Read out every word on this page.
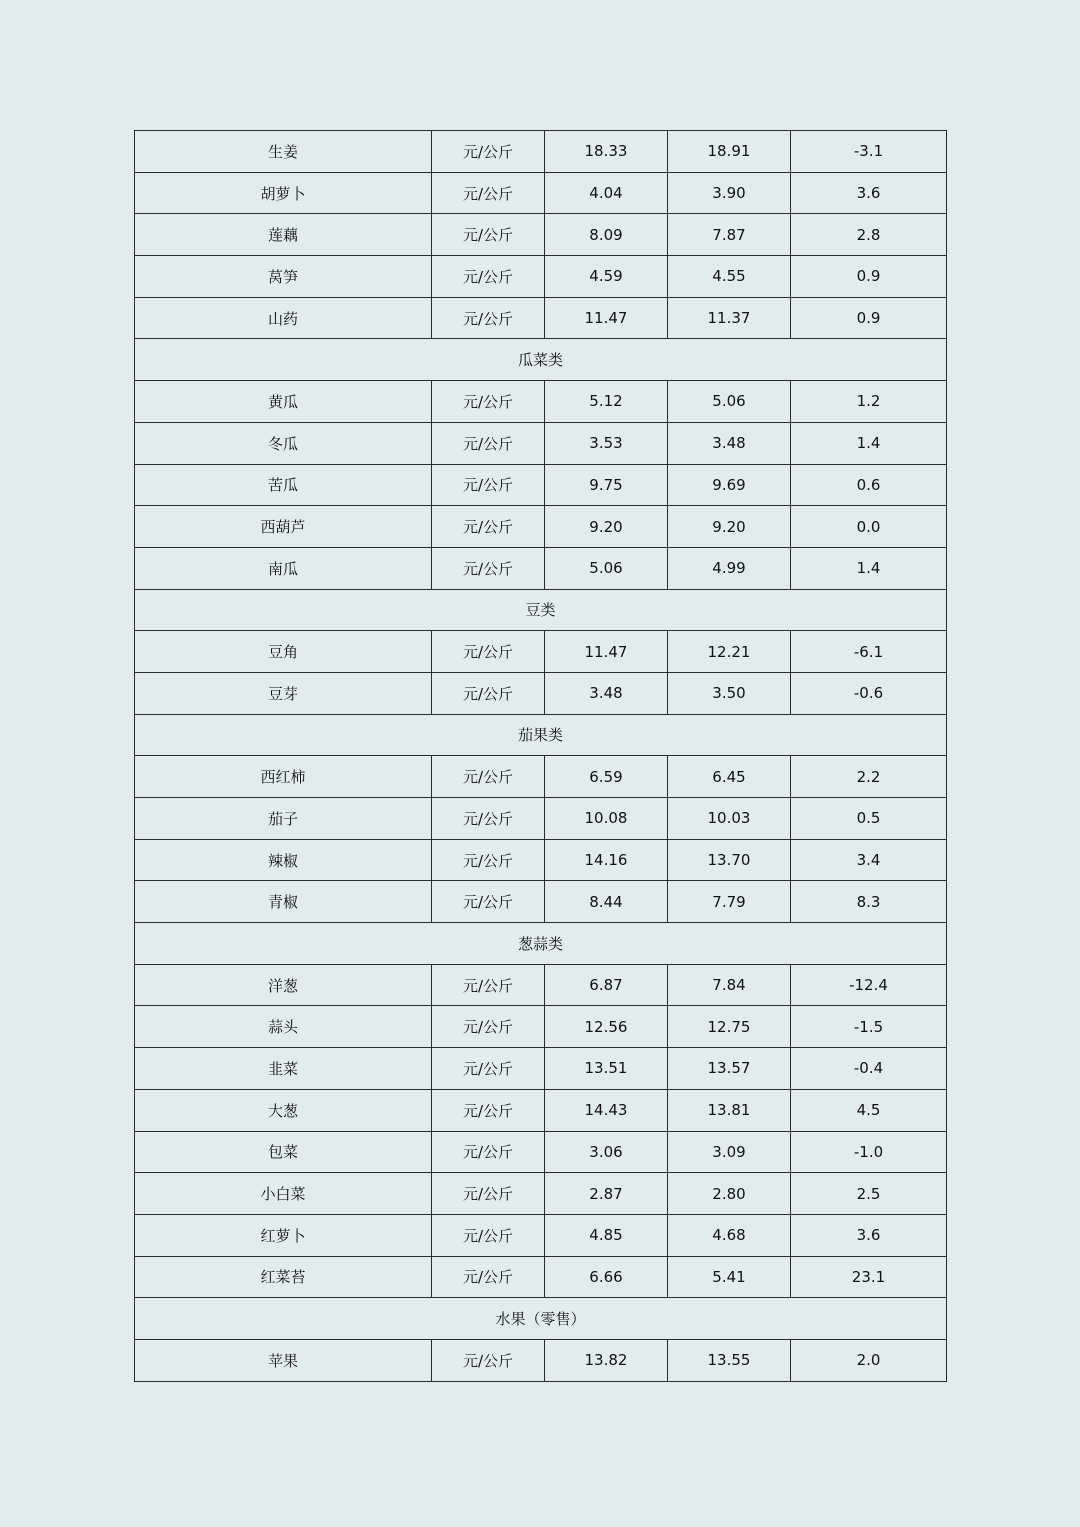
生姜	元/公斤	18.33	18.91	-3.1
胡萝卜	元/公斤	4.04	3.90	3.6
莲藕	元/公斤	8.09	7.87	2.8
莴笋	元/公斤	4.59	4.55	0.9
山药	元/公斤	11.47	11.37	0.9
瓜菜类				
黄瓜	元/公斤	5.12	5.06	1.2
冬瓜	元/公斤	3.53	3.48	1.4
苦瓜	元/公斤	9.75	9.69	0.6
西葫芦	元/公斤	9.20	9.20	0.0
南瓜	元/公斤	5.06	4.99	1.4
豆类				
豆角	元/公斤	11.47	12.21	-6.1
豆芽	元/公斤	3.48	3.50	-0.6
茄果类				
西红柿	元/公斤	6.59	6.45	2.2
茄子	元/公斤	10.08	10.03	0.5
辣椒	元/公斤	14.16	13.70	3.4
青椒	元/公斤	8.44	7.79	8.3
葱蒜类				
洋葱	元/公斤	6.87	7.84	-12.4
蒜头	元/公斤	12.56	12.75	-1.5
韭菜	元/公斤	13.51	13.57	-0.4
大葱	元/公斤	14.43	13.81	4.5
包菜	元/公斤	3.06	3.09	-1.0
小白菜	元/公斤	2.87	2.80	2.5
红萝卜	元/公斤	4.85	4.68	3.6
红菜苔	元/公斤	6.66	5.41	23.1
水果（零售）				
苹果	元/公斤	13.82	13.55	2.0
